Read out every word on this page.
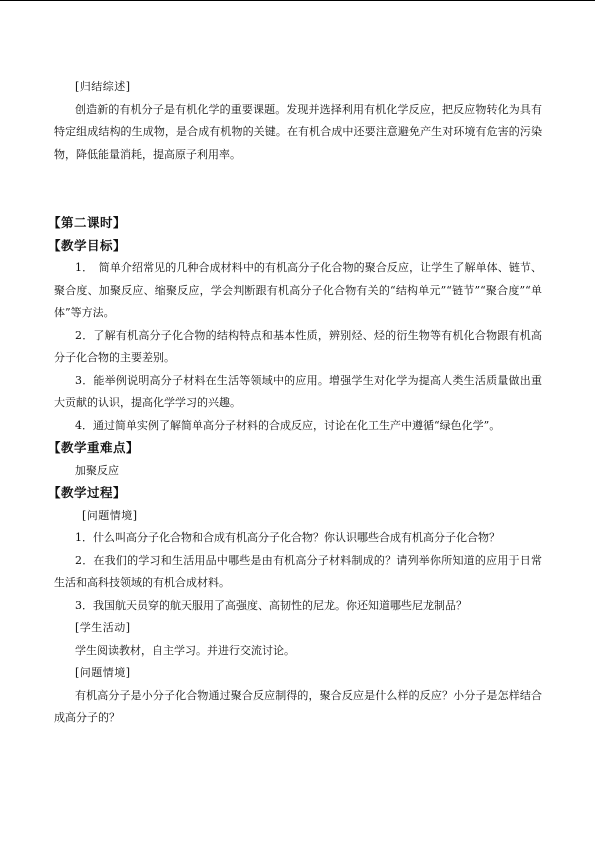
[归结综述]
创造新的有机分子是有机化学的重要课题。发现并选择利用有机化学反应，把反应物转化为具有特定组成结构的生成物，是合成有机物的关键。在有机合成中还要注意避免产生对环境有危害的污染物，降低能量消耗，提高原子利用率。
【第二课时】
【教学目标】
1．　简单介绍常见的几种合成材料中的有机高分子化合物的聚合反应，让学生了解单体、链节、聚合度、加聚反应、缩聚反应，学会判断跟有机高分子化合物有关的“结构单元”“链节”“聚合度”“单体”等方法。
2．了解有机高分子化合物的结构特点和基本性质，辨别烃、烃的衍生物等有机化合物跟有机高分子化合物的主要差别。
3．能举例说明高分子材料在生活等领域中的应用。增强学生对化学为提高人类生活质量做出重大贡献的认识，提高化学学习的兴趣。
4．通过简单实例了解简单高分子材料的合成反应，讨论在化工生产中遵循“绿色化学”。
【教学重难点】
加聚反应
【教学过程】
[问题情境]
1．什么叫高分子化合物和合成有机高分子化合物？你认识哪些合成有机高分子化合物？
2．在我们的学习和生活用品中哪些是由有机高分子材料制成的？请列举你所知道的应用于日常生活和高科技领域的有机合成材料。
3．我国航天员穿的航天服用了高强度、高韧性的尼龙。你还知道哪些尼龙制品？
[学生活动]
学生阅读教材，自主学习。并进行交流讨论。
[问题情境]
有机高分子是小分子化合物通过聚合反应制得的，聚合反应是什么样的反应？小分子是怎样结合成高分子的？
